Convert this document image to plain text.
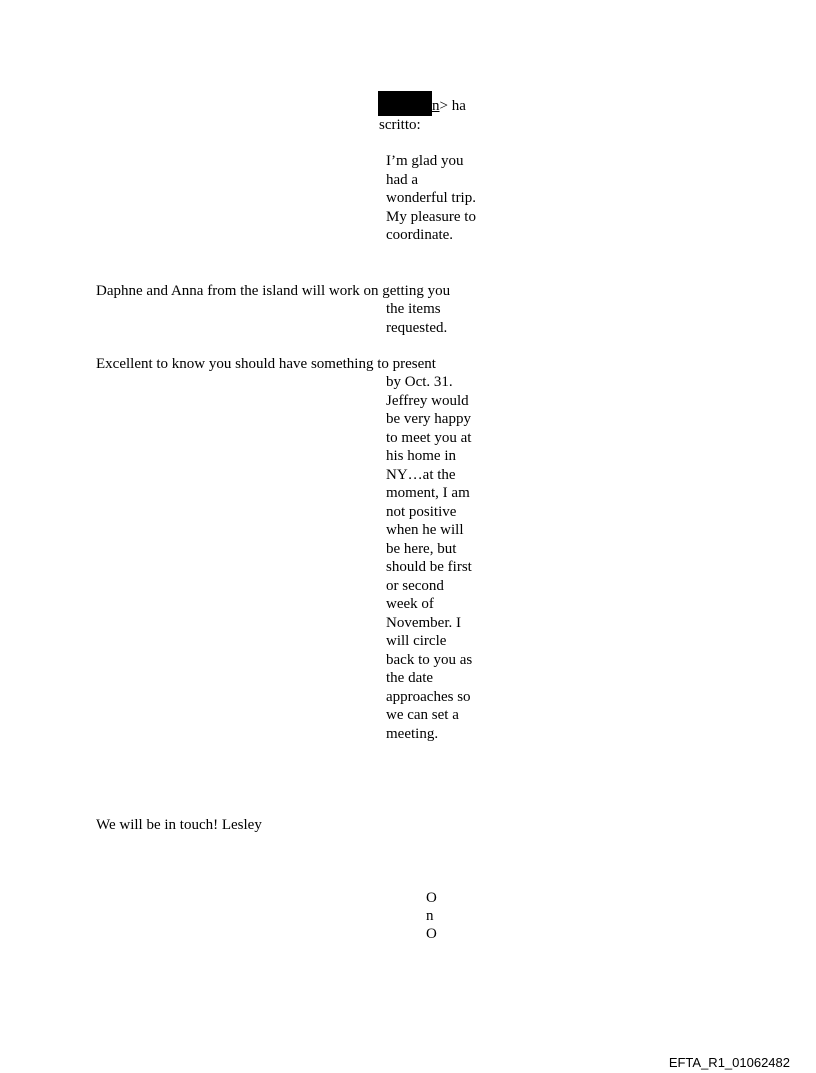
n> ha

scritto:

I’m glad you had a wonderful trip. My pleasure to coordinate.

Daphne and Anna from the island will work on getting you

the items requested.

Excellent to know you should have something to present

by Oct. 31. Jeffrey would be very happy to meet you at his home in NY…at the moment, I am not positive when he will be here, but should be first or second week of November. I will circle back to you as the date approaches so we can set a meeting.

We will be in touch! Lesley

O

n

O

EFTA_R1_01062482
